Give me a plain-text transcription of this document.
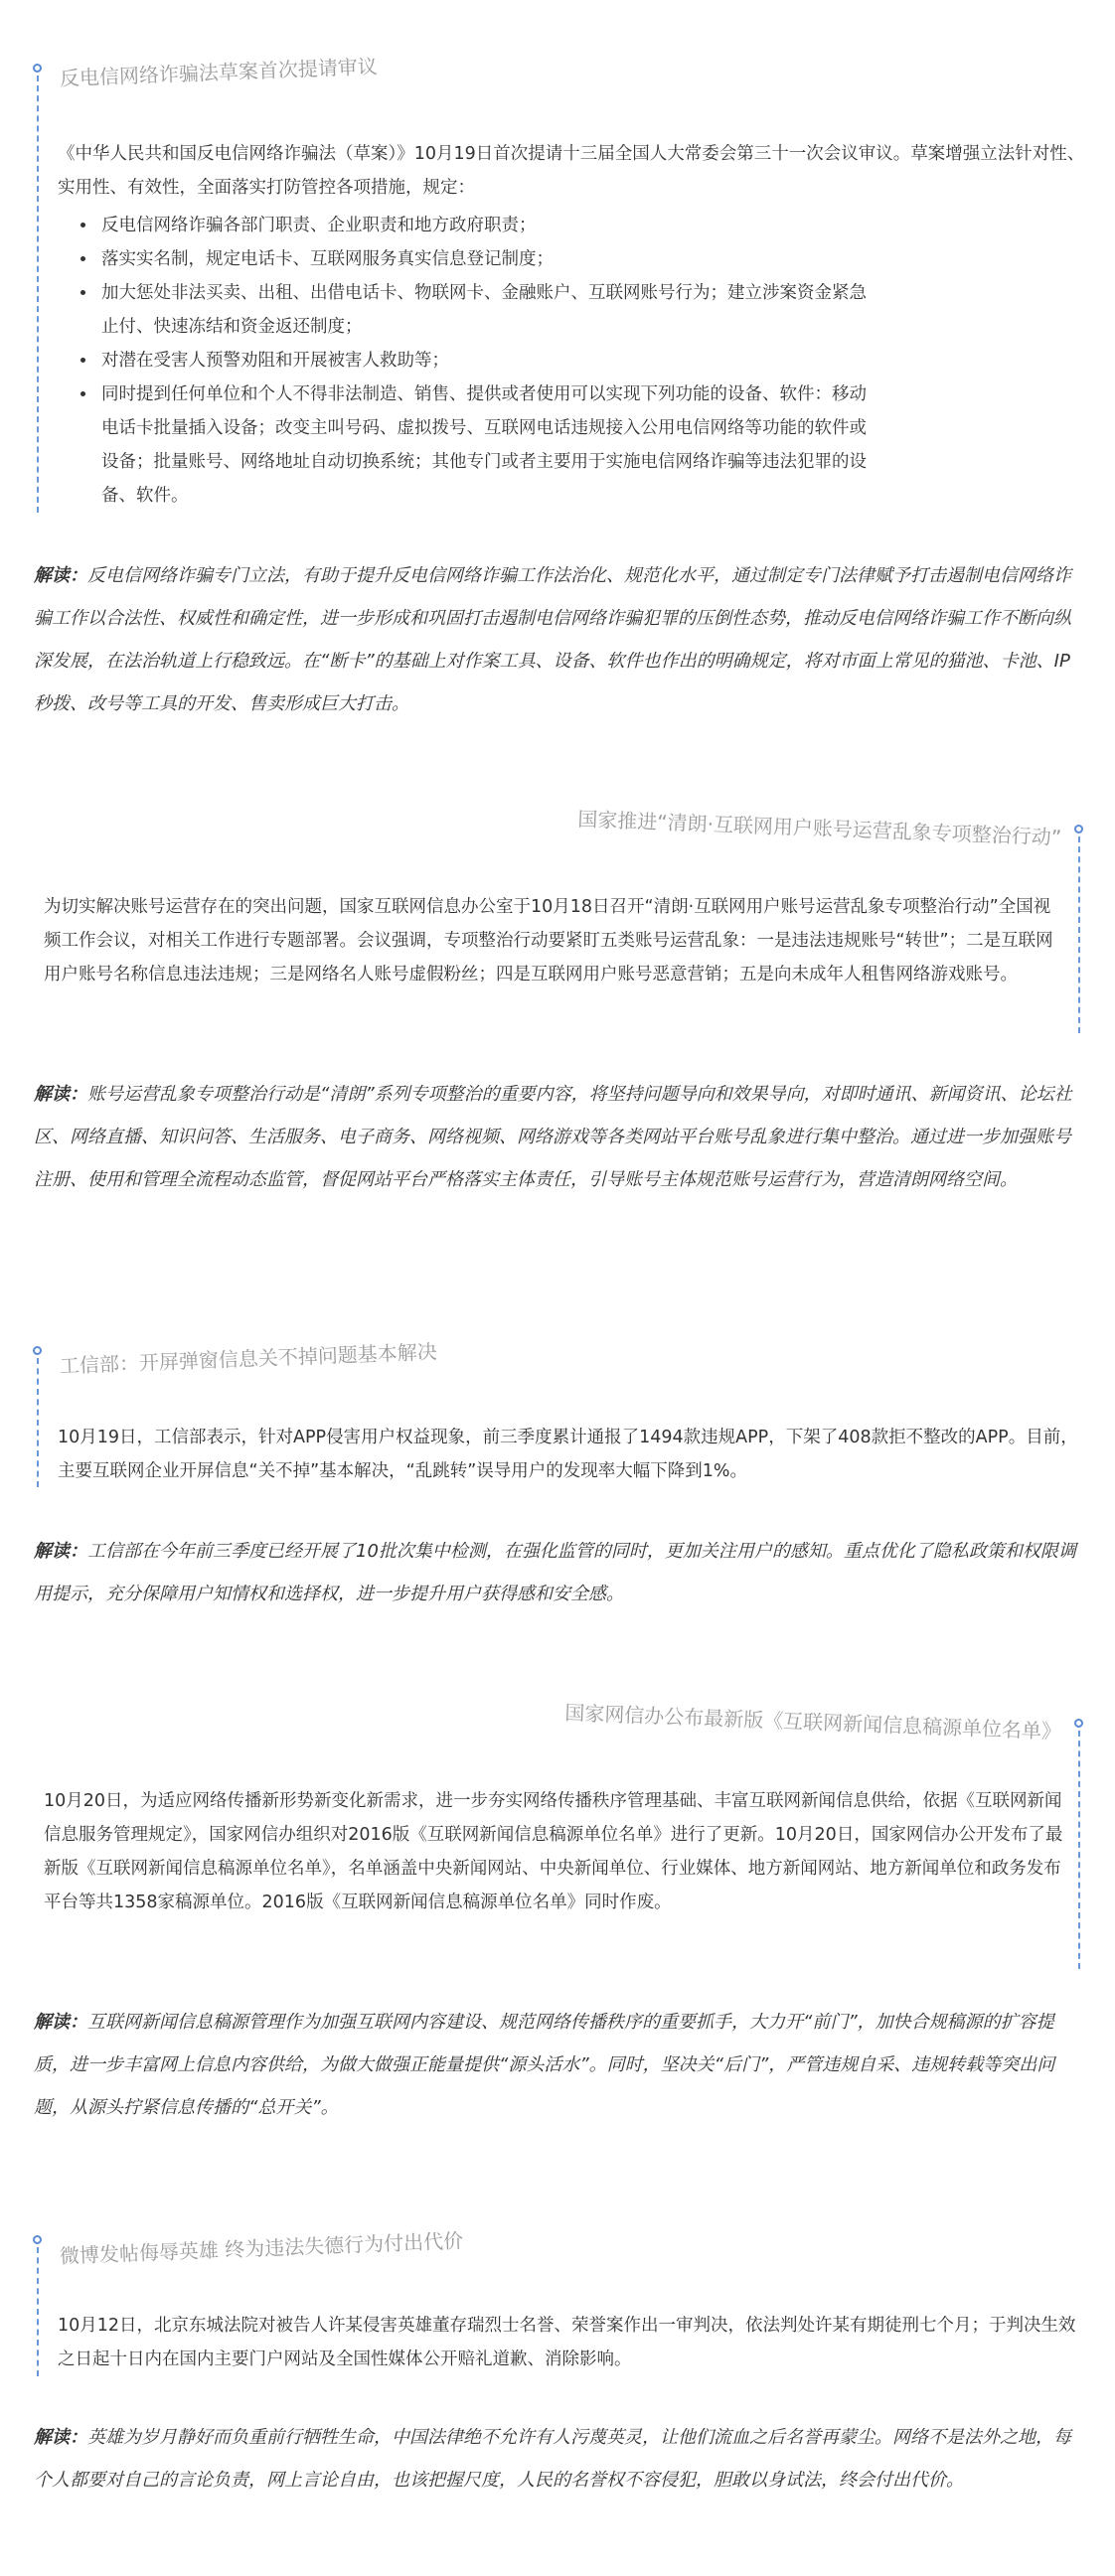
反电信网络诈骗法草案首次提请审议

《中华人民共和国反电信网络诈骗法（草案）》10月19日首次提请十三届全国人大常委会第三十一次会议审议。草案增强立法针对性、实用性、有效性，全面落实打防管控各项措施，规定：

• 反电信网络诈骗各部门职责、企业职责和地方政府职责；
• 落实实名制，规定电话卡、互联网服务真实信息登记制度；
• 加大惩处非法买卖、出租、出借电话卡、物联网卡、金融账户、互联网账号行为；建立涉案资金紧急止付、快速冻结和资金返还制度；
• 对潜在受害人预警劝阻和开展被害人救助等；
• 同时提到任何单位和个人不得非法制造、销售、提供或者使用可以实现下列功能的设备、软件：移动电话卡批量插入设备；改变主叫号码、虚拟拨号、互联网电话违规接入公用电信网络等功能的软件或设备；批量账号、网络地址自动切换系统；其他专门或者主要用于实施电信网络诈骗等违法犯罪的设备、软件。
解读：反电信网络诈骗专门立法，有助于提升反电信网络诈骗工作法治化、规范化水平，通过制定专门法律赋予打击遏制电信网络诈骗工作以合法性、权威性和确定性，进一步形成和巩固打击遏制电信网络诈骗犯罪的压倒性态势，推动反电信网络诈骗工作不断向纵深发展，在法治轨道上行稳致远。在“断卡”的基础上对作案工具、设备、软件也作出的明确规定，将对市面上常见的猫池、卡池、IP秒拨、改号等工具的开发、售卖形成巨大打击。
国家推进“清朗·互联网用户账号运营乱象专项整治行动”

为切实解决账号运营存在的突出问题，国家互联网信息办公室于10月18日召开“清朗·互联网用户账号运营乱象专项整治行动”全国视频工作会议，对相关工作进行专题部署。会议强调，专项整治行动要紧盯五类账号运营乱象：一是违法违规账号“转世”；二是互联网用户账号名称信息违法违规；三是网络名人账号虚假粉丝；四是互联网用户账号恶意营销；五是向未成年人租售网络游戏账号。

解读：账号运营乱象专项整治行动是“清朗”系列专项整治的重要内容，将坚持问题导向和效果导向，对即时通讯、新闻资讯、论坛社区、网络直播、知识问答、生活服务、电子商务、网络视频、网络游戏等各类网站平台账号乱象进行集中整治。通过进一步加强账号注册、使用和管理全流程动态监管，督促网站平台严格落实主体责任，引导账号主体规范账号运营行为，营造清朗网络空间。
工信部：开屏弹窗信息关不掉问题基本解决

10月19日，工信部表示，针对APP侵害用户权益现象，前三季度累计通报了1494款违规APP，下架了408款拒不整改的APP。目前，主要互联网企业开屏信息“关不掉”基本解决，“乱跳转”误导用户的发现率大幅下降到1%。

解读：工信部在今年前三季度已经开展了10批次集中检测，在强化监管的同时，更加关注用户的感知。重点优化了隐私政策和权限调用提示，充分保障用户知情权和选择权，进一步提升用户获得感和安全感。
国家网信办公布最新版《互联网新闻信息稿源单位名单》

10月20日，为适应网络传播新形势新变化新需求，进一步夯实网络传播秩序管理基础、丰富互联网新闻信息供给，依据《互联网新闻信息服务管理规定》，国家网信办组织对2016版《互联网新闻信息稿源单位名单》进行了更新。10月20日，国家网信办公开发布了最新版《互联网新闻信息稿源单位名单》，名单涵盖中央新闻网站、中央新闻单位、行业媒体、地方新闻网站、地方新闻单位和政务发布平台等共1358家稿源单位。2016版《互联网新闻信息稿源单位名单》同时作废。

解读：互联网新闻信息稿源管理作为加强互联网内容建设、规范网络传播秩序的重要抓手，大力开“前门”，加快合规稿源的扩容提质，进一步丰富网上信息内容供给，为做大做强正能量提供“源头活水”。同时，坚决关“后门”，严管违规自采、违规转载等突出问题，从源头拧紧信息传播的“总开关”。
微博发帖侮辱英雄 终为违法失德行为付出代价

10月12日，北京东城法院对被告人许某侵害英雄董存瑞烈士名誉、荣誉案作出一审判决，依法判处许某有期徒刑七个月；于判决生效之日起十日内在国内主要门户网站及全国性媒体公开赔礼道歉、消除影响。

解读：英雄为岁月静好而负重前行牺牲生命，中国法律绝不允许有人污蔑英灵，让他们流血之后名誉再蒙尘。网络不是法外之地，每个人都要对自己的言论负责，网上言论自由，也该把握尺度，人民的名誉权不容侵犯，胆敢以身试法，终会付出代价。
